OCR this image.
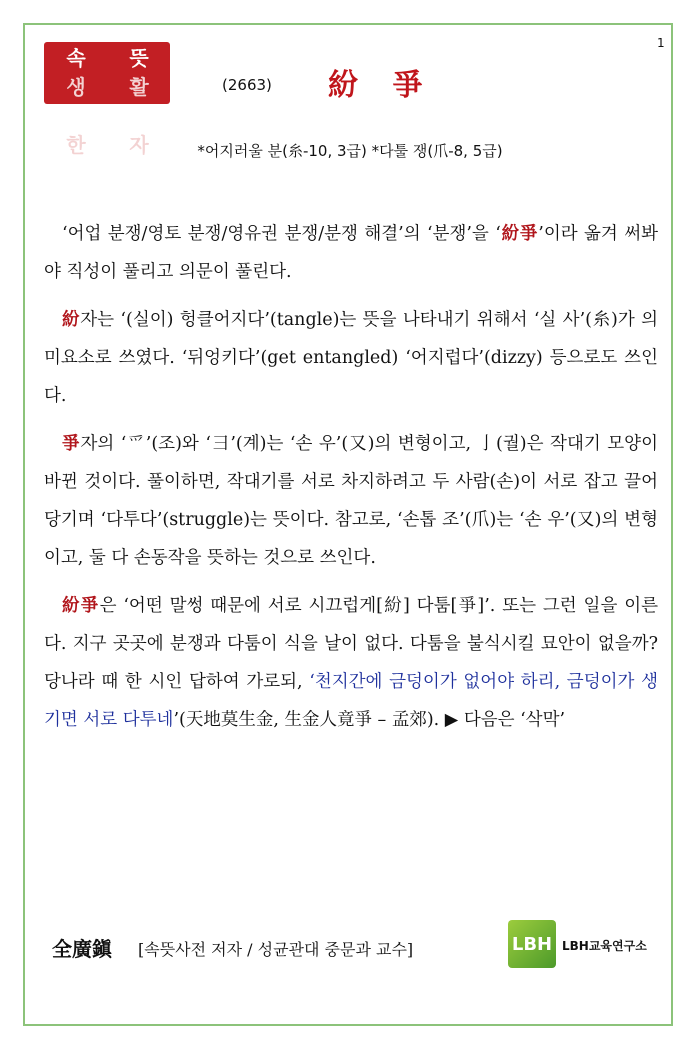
1
속	뜻
생	활
풀	이
한	자
(2663) 紛 爭
*어지러울 분(糸-10, 3급) *다툴 쟁(爪-8, 5급)

‘어업 분쟁/영토 분쟁/영유권 분쟁/분쟁 해결’의 ‘분쟁’을 ‘紛爭’이라 옮겨 써봐야 직성이 풀리고 의문이 풀린다.

紛자는 ‘(실이) 헝클어지다’(tangle)는 뜻을 나타내기 위해서 ‘실 사’(糸)가 의미요소로 쓰였다. ‘뒤엉키다’(get entangled) ‘어지럽다’(dizzy) 등으로도 쓰인다.

爭자의 ‘爫’(조)와 ‘⺕’(계)는 ‘손 우’(又)의 변형이고, 亅(궐)은 작대기 모양이 바뀐 것이다. 풀이하면, 작대기를 서로 차지하려고 두 사람(손)이 서로 잡고 끌어당기며 ‘다투다’(struggle)는 뜻이다. 참고로, ‘손톱 조’(爪)는 ‘손 우’(又)의 변형이고, 둘 다 손동작을 뜻하는 것으로 쓰인다.

紛爭은 ‘어떤 말썽 때문에 서로 시끄럽게[紛] 다툼[爭]’. 또는 그런 일을 이른다. 지구 곳곳에 분쟁과 다툼이 식을 날이 없다. 다툼을 불식시킬 묘안이 없을까? 당나라 때 한 시인 답하여 가로되, ‘천지간에 금덩이가 없어야 하리, 금덩이가 생기면 서로 다투네’(天地莫生金, 生金人竟爭 – 孟郊). ▶ 다음은 ‘삭막’

全廣鎭 [속뜻사전 저자 / 성균관대 중문과 교수]	LBH LBH교육연구소
